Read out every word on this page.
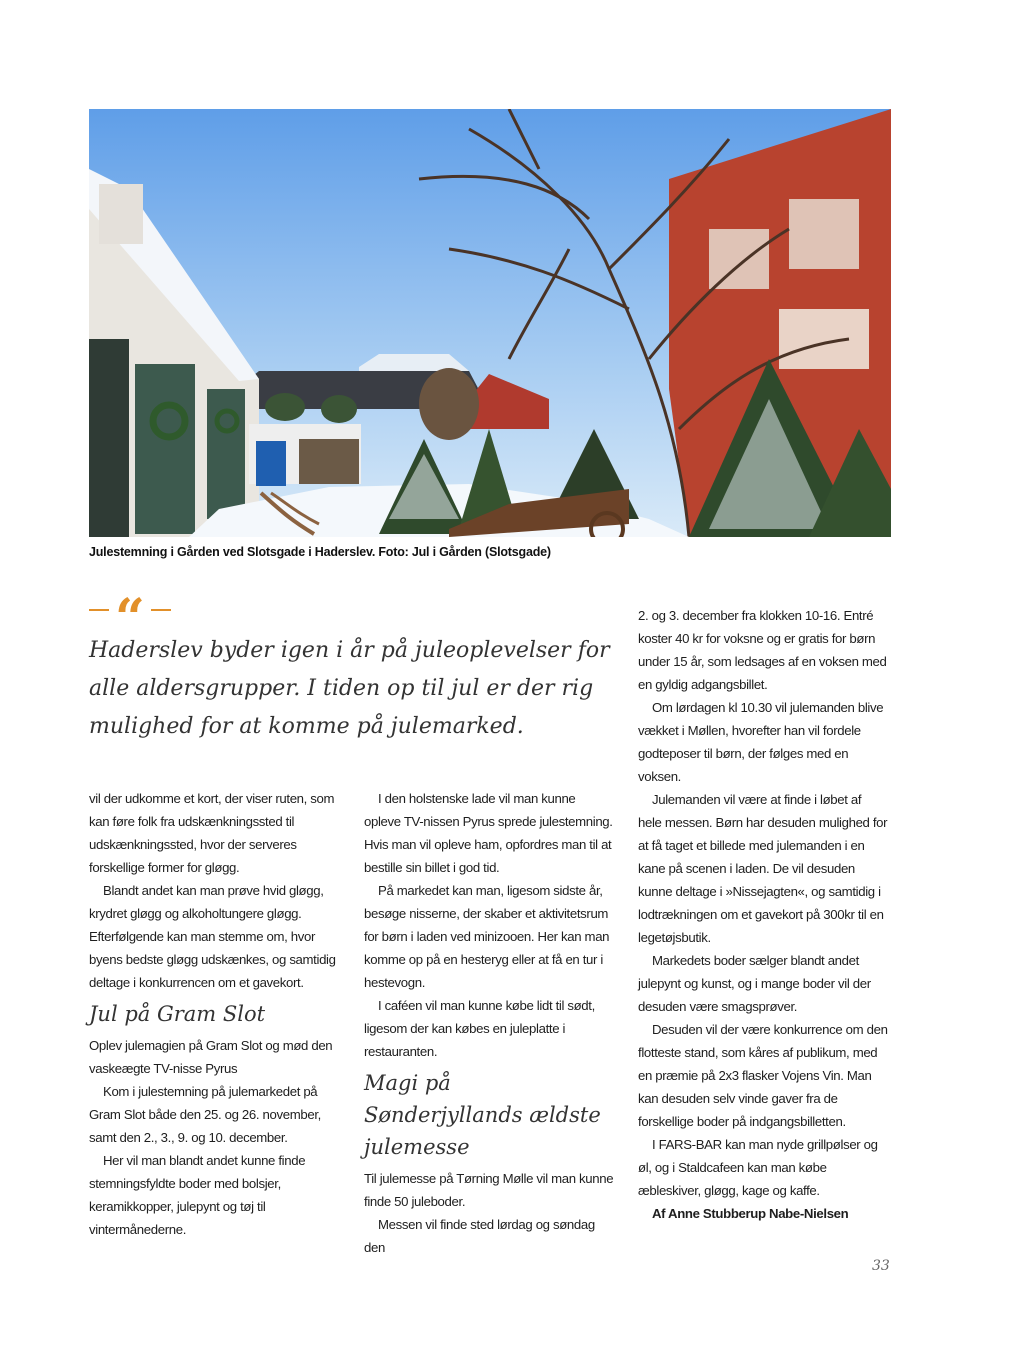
Julestemning i Gården ved Slotsgade i Haderslev. Foto: Jul i Gården (Slotsgade)
“
Haderslev byder igen i år på juleoplevelser for alle aldersgrupper. I tiden op til jul er der rig mulighed for at komme på julemarked.

vil der udkomme et kort, der viser ruten, som kan føre folk fra udskænkningssted til udskænkningssted, hvor der serveres forskellige former for gløgg.

Blandt andet kan man prøve hvid gløgg, krydret gløgg og alkoholtungere gløgg. Efterfølgende kan man stemme om, hvor byens bedste gløgg udskænkes, og samtidig deltage i konkurrencen om et gavekort.

Jul på Gram Slot

Oplev julemagien på Gram Slot og mød den vaskeægte TV-nisse Pyrus

Kom i julestemning på julemarkedet på Gram Slot både den 25. og 26. november, samt den 2., 3., 9. og 10. december.

Her vil man blandt andet kunne finde stemningsfyldte boder med bolsjer, keramikkopper, julepynt og tøj til vintermånederne.

I den holstenske lade vil man kunne opleve TV-nissen Pyrus sprede julestemning. Hvis man vil opleve ham, opfordres man til at bestille sin billet i god tid.

På markedet kan man, ligesom sidste år, besøge nisserne, der skaber et aktivitetsrum for børn i laden ved minizooen. Her kan man komme op på en hesteryg eller at få en tur i hestevogn.

I caféen vil man kunne købe lidt til sødt, ligesom der kan købes en juleplatte i restauranten.

Magi på Sønderjyllands ældste julemesse

Til julemesse på Tørning Mølle vil man kunne finde 50 juleboder.

Messen vil finde sted lørdag og søndag den

2. og 3. december fra klokken 10-16. Entré koster 40 kr for voksne og er gratis for børn under 15 år, som ledsages af en voksen med en gyldig adgangsbillet.

Om lørdagen kl 10.30 vil julemanden blive vækket i Møllen, hvorefter han vil fordele godteposer til børn, der følges med en voksen.

Julemanden vil være at finde i løbet af hele messen. Børn har desuden mulighed for at få taget et billede med julemanden i en kane på scenen i laden. De vil desuden kunne deltage i »Nissejagten«, og samtidig i lodtrækningen om et gavekort på 300kr til en legetøjsbutik.

Markedets boder sælger blandt andet julepynt og kunst, og i mange boder vil der desuden være smagsprøver.

Desuden vil der være konkurrence om den flotteste stand, som kåres af publikum, med en præmie på 2x3 flasker Vojens Vin. Man kan desuden selv vinde gaver fra de forskellige boder på indgangsbilletten.

I FARS-BAR kan man nyde grillpølser og øl, og i Staldcafeen kan man købe æbleskiver, gløgg, kage og kaffe.

Af Anne Stubberup Nabe-Nielsen

33
